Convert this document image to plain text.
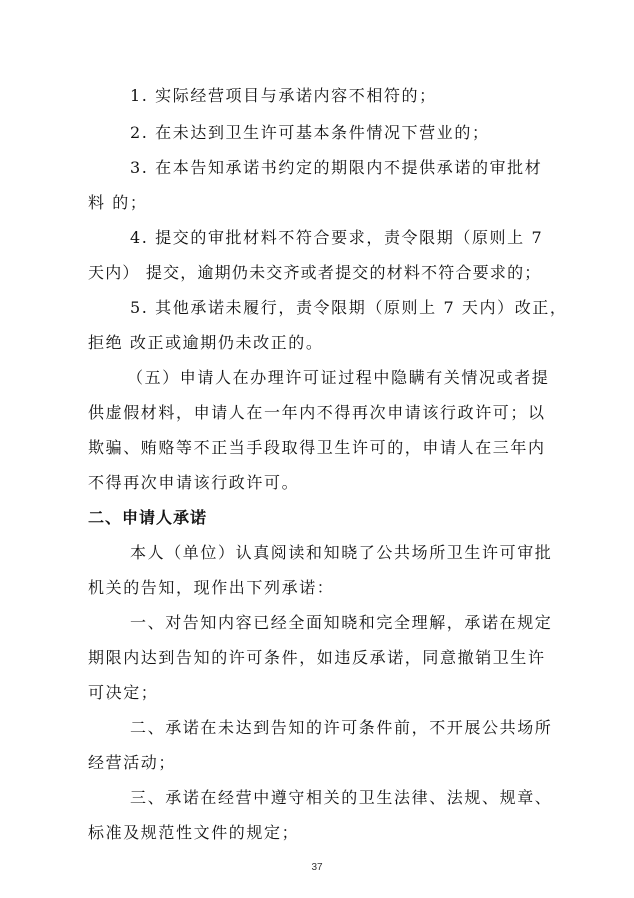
1. 实际经营项目与承诺内容不相符的；
2. 在未达到卫生许可基本条件情况下营业的；
3. 在本告知承诺书约定的期限内不提供承诺的审批材
料 的；
4. 提交的审批材料不符合要求，责令限期（原则上 7
天内） 提交，逾期仍未交齐或者提交的材料不符合要求的；
5. 其他承诺未履行，责令限期（原则上 7 天内）改正，
拒绝 改正或逾期仍未改正的。
（五）申请人在办理许可证过程中隐瞒有关情况或者提
供虚假材料，申请人在一年内不得再次申请该行政许可；以
欺骗、贿赂等不正当手段取得卫生许可的，申请人在三年内
不得再次申请该行政许可。
二、申请人承诺
本人（单位）认真阅读和知晓了公共场所卫生许可审批
机关的告知，现作出下列承诺：
一、对告知内容已经全面知晓和完全理解，承诺在规定
期限内达到告知的许可条件，如违反承诺，同意撤销卫生许
可决定；
二、承诺在未达到告知的许可条件前，不开展公共场所
经营活动；
三、承诺在经营中遵守相关的卫生法律、法规、规章、
标准及规范性文件的规定；
37
